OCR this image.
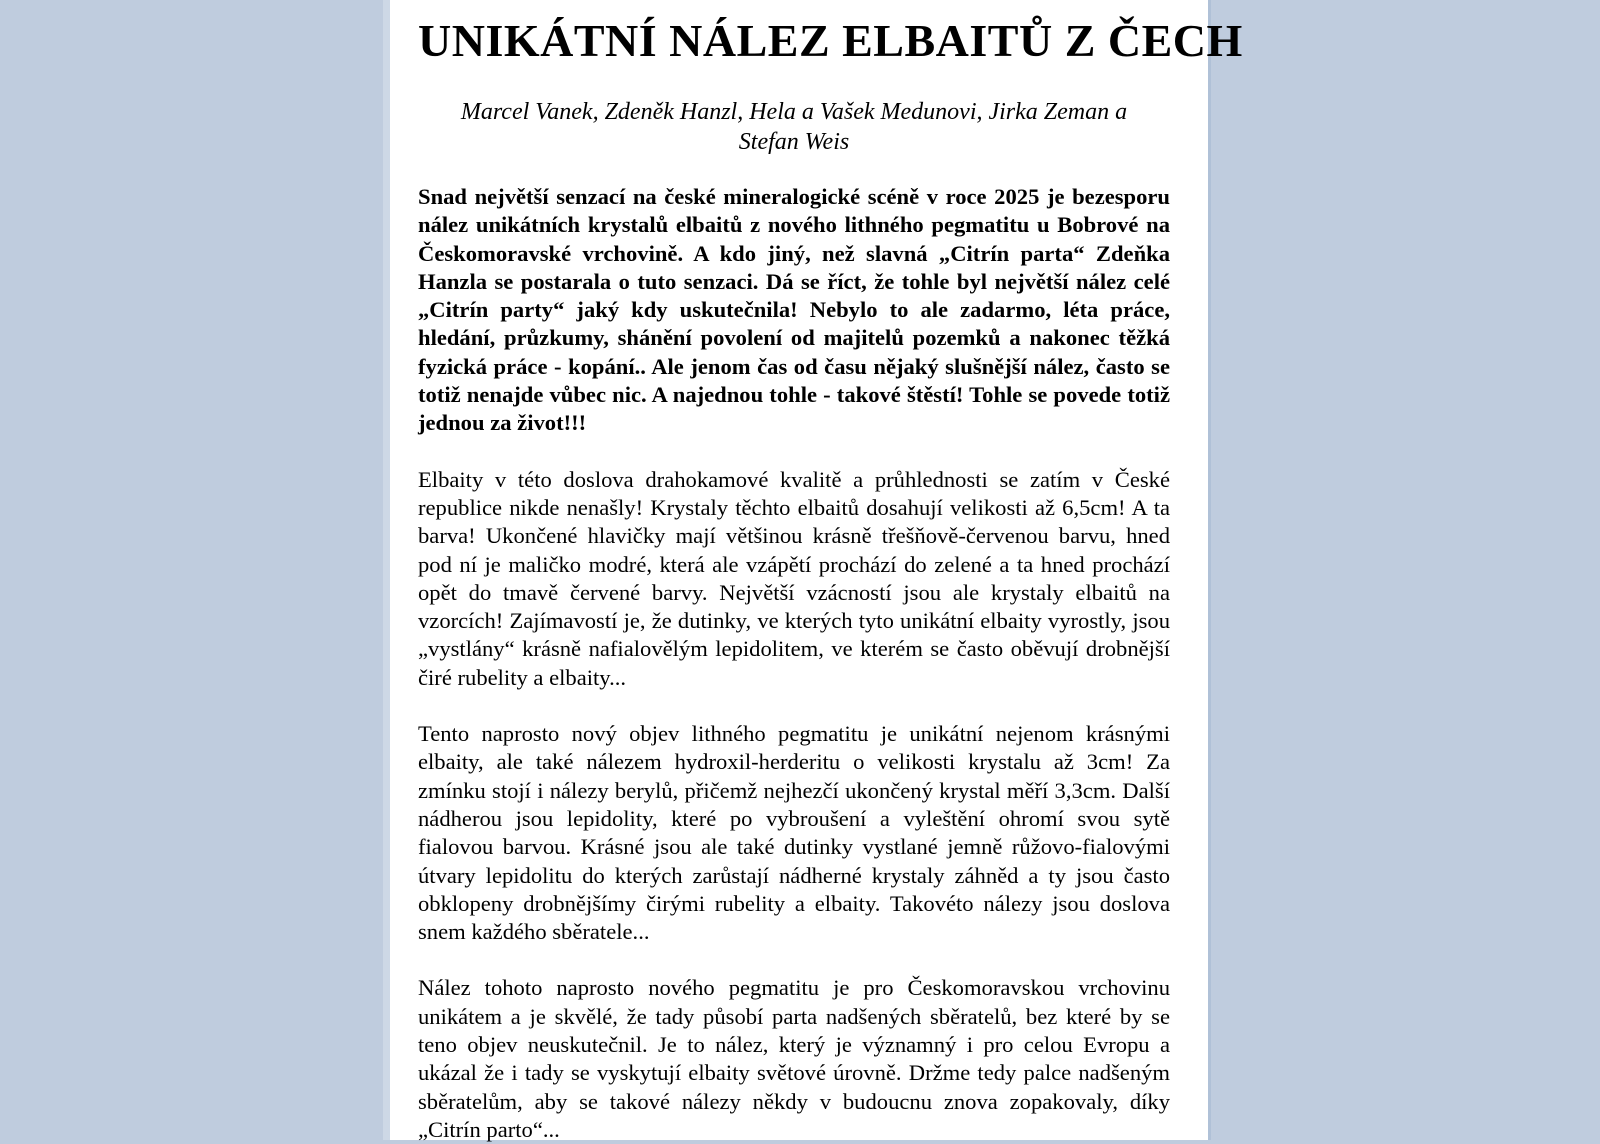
UNIKÁTNÍ NÁLEZ ELBAITŮ Z ČECH
Marcel Vanek, Zdeněk Hanzl, Hela a Vašek Medunovi, Jirka Zeman a Stefan Weis

Snad největší senzací na české mineralogické scéně v roce 2025 je bezesporu nález unikátních krystalů elbaitů z nového lithného pegmatitu u Bobrové na Českomoravské vrchovině. A kdo jiný, než slavná „Citrín parta“ Zdeňka Hanzla se postarala o tuto senzaci. Dá se říct, že tohle byl největší nález celé „Citrín party“ jaký kdy uskutečnila! Nebylo to ale zadarmo, léta práce, hledání, průzkumy, shánění povolení od majitelů pozemků a nakonec těžká fyzická práce - kopání.. Ale jenom čas od času nějaký slušnější nález, často se totiž nenajde vůbec nic. A najednou tohle - takové štěstí! Tohle se povede totiž jednou za život!!!

Elbaity v této doslova drahokamové kvalitě a průhlednosti se zatím v České republice nikde nenašly! Krystaly těchto elbaitů dosahují velikosti až 6,5cm! A ta barva! Ukončené hlavičky mají většinou krásně třešňově-červenou barvu, hned pod ní je maličko modré, která ale vzápětí prochází do zelené a ta hned prochází opět do tmavě červené barvy. Největší vzácností jsou ale krystaly elbaitů na vzorcích! Zajímavostí je, že dutinky, ve kterých tyto unikátní elbaity vyrostly, jsou „vystlány“ krásně nafialovělým lepidolitem, ve kterém se často oběvují drobnější čiré rubelity a elbaity...

Tento naprosto nový objev lithného pegmatitu je unikátní nejenom krásnými elbaity, ale také nálezem hydroxil-herderitu o velikosti krystalu až 3cm! Za zmínku stojí i nálezy berylů, přičemž nejhezčí ukončený krystal měří 3,3cm. Další nádherou jsou lepidolity, které po vybroušení a vyleštění ohromí svou sytě fialovou barvou. Krásné jsou ale také dutinky vystlané jemně růžovo-fialovými útvary lepidolitu do kterých zarůstají nádherné krystaly záhněd a ty jsou často obklopeny drobnějšímy čirými rubelity a elbaity. Takovéto nálezy jsou doslova snem každého sběratele...

Nález tohoto naprosto nového pegmatitu je pro Českomoravskou vrchovinu unikátem a je skvělé, že tady působí parta nadšených sběratelů, bez které by se teno objev neuskutečnil. Je to nález, který je významný i pro celou Evropu a ukázal že i tady se vyskytují elbaity světové úrovně. Držme tedy palce nadšeným sběratelům, aby se takové nálezy někdy v budoucnu znova zopakovaly, díky „Citrín parto“...
